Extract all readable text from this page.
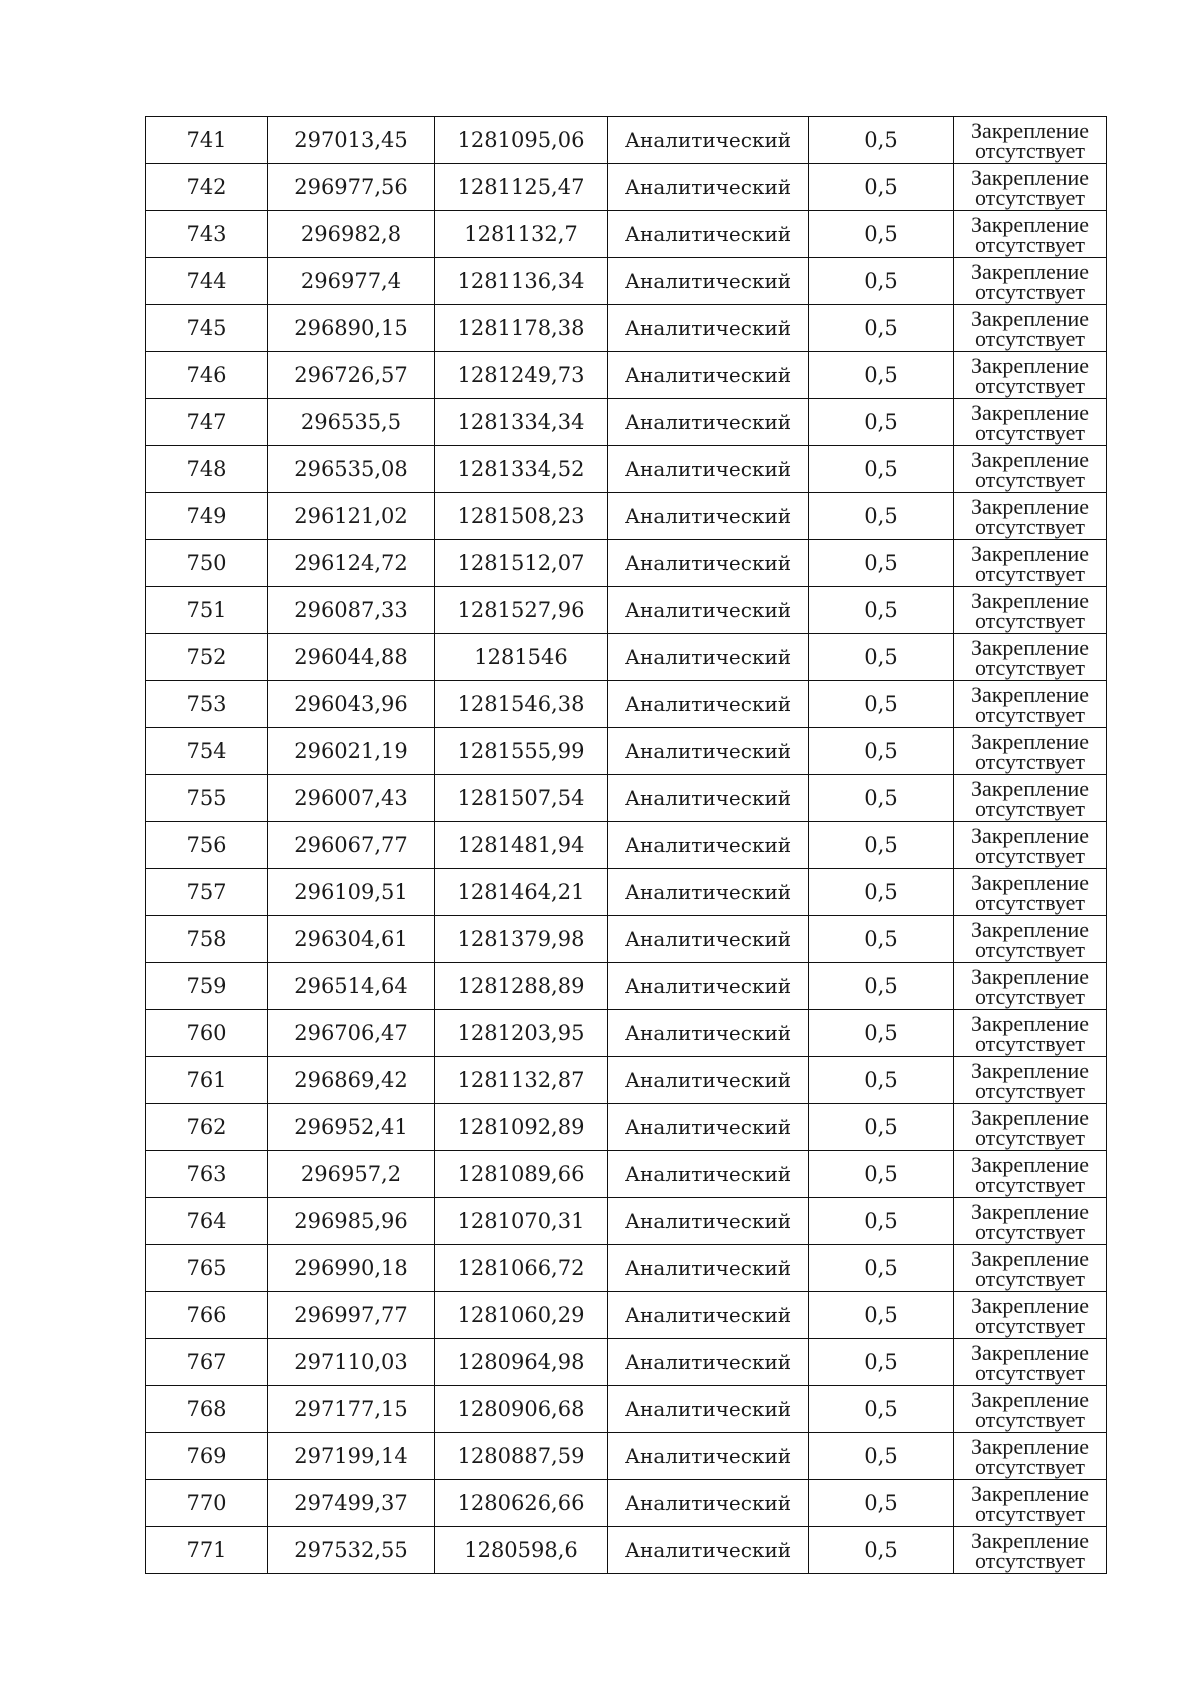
741	297013,45	1281095,06	Аналитический	0,5	Закрепление
отсутствует

742	296977,56	1281125,47	Аналитический	0,5	Закрепление
отсутствует

743	296982,8	1281132,7	Аналитический	0,5	Закрепление
отсутствует

744	296977,4	1281136,34	Аналитический	0,5	Закрепление
отсутствует

745	296890,15	1281178,38	Аналитический	0,5	Закрепление
отсутствует

746	296726,57	1281249,73	Аналитический	0,5	Закрепление
отсутствует

747	296535,5	1281334,34	Аналитический	0,5	Закрепление
отсутствует

748	296535,08	1281334,52	Аналитический	0,5	Закрепление
отсутствует

749	296121,02	1281508,23	Аналитический	0,5	Закрепление
отсутствует

750	296124,72	1281512,07	Аналитический	0,5	Закрепление
отсутствует

751	296087,33	1281527,96	Аналитический	0,5	Закрепление
отсутствует

752	296044,88	1281546	Аналитический	0,5	Закрепление
отсутствует

753	296043,96	1281546,38	Аналитический	0,5	Закрепление
отсутствует

754	296021,19	1281555,99	Аналитический	0,5	Закрепление
отсутствует

755	296007,43	1281507,54	Аналитический	0,5	Закрепление
отсутствует

756	296067,77	1281481,94	Аналитический	0,5	Закрепление
отсутствует

757	296109,51	1281464,21	Аналитический	0,5	Закрепление
отсутствует

758	296304,61	1281379,98	Аналитический	0,5	Закрепление
отсутствует

759	296514,64	1281288,89	Аналитический	0,5	Закрепление
отсутствует

760	296706,47	1281203,95	Аналитический	0,5	Закрепление
отсутствует

761	296869,42	1281132,87	Аналитический	0,5	Закрепление
отсутствует

762	296952,41	1281092,89	Аналитический	0,5	Закрепление
отсутствует

763	296957,2	1281089,66	Аналитический	0,5	Закрепление
отсутствует

764	296985,96	1281070,31	Аналитический	0,5	Закрепление
отсутствует

765	296990,18	1281066,72	Аналитический	0,5	Закрепление
отсутствует

766	296997,77	1281060,29	Аналитический	0,5	Закрепление
отсутствует

767	297110,03	1280964,98	Аналитический	0,5	Закрепление
отсутствует

768	297177,15	1280906,68	Аналитический	0,5	Закрепление
отсутствует

769	297199,14	1280887,59	Аналитический	0,5	Закрепление
отсутствует

770	297499,37	1280626,66	Аналитический	0,5	Закрепление
отсутствует

771	297532,55	1280598,6	Аналитический	0,5	Закрепление
отсутствует
